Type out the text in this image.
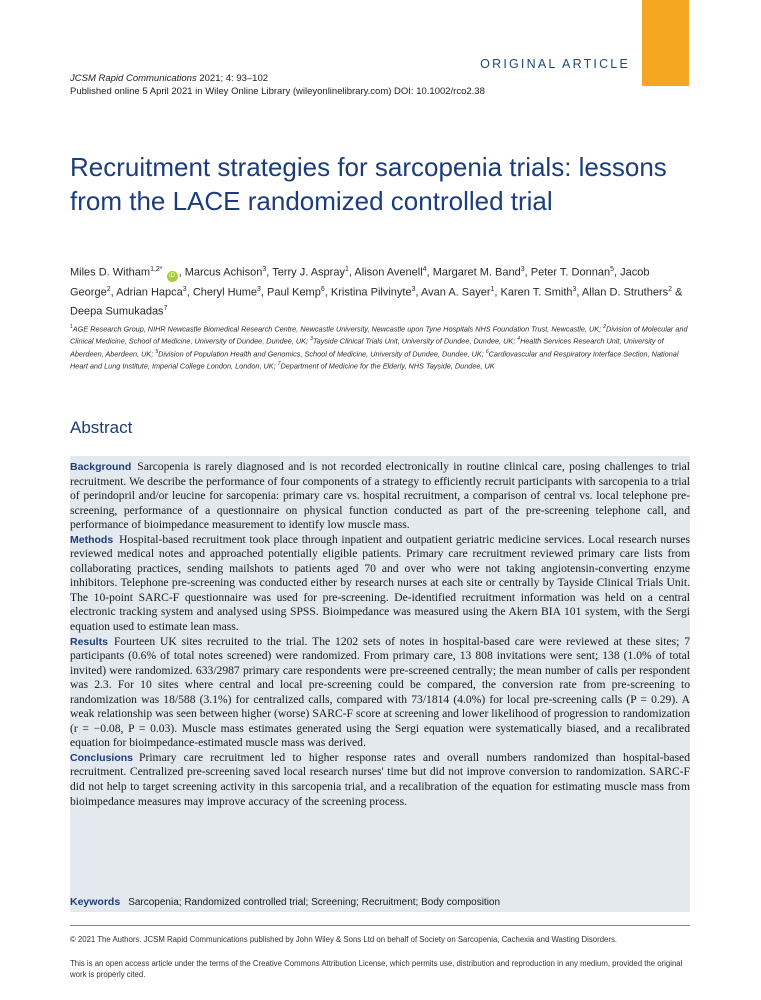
ORIGINAL ARTICLE
JCSM Rapid Communications 2021; 4: 93–102
Published online 5 April 2021 in Wiley Online Library (wileyonlinelibrary.com) DOI: 10.1002/rco2.38
Recruitment strategies for sarcopenia trials: lessons from the LACE randomized controlled trial
Miles D. Witham$^{1,2*}$ iD , Marcus Achison$^3$, Terry J. Aspray$^1$, Alison Avenell$^4$, Margaret M. Band$^3$, Peter T. Donnan$^5$, Jacob George$^2$, Adrian Hapca$^3$, Cheryl Hume$^3$, Paul Kemp$^6$, Kristina Pilvinyte$^3$, Avan A. Sayer$^1$, Karen T. Smith$^3$, Allan D. Struthers$^2$ & Deepa Sumukadas$^7$
$^1$AGE Research Group, NIHR Newcastle Biomedical Research Centre, Newcastle University, Newcastle upon Tyne Hospitals NHS Foundation Trust, Newcastle, UK; $^2$Division of Molecular and Clinical Medicine, School of Medicine, University of Dundee, Dundee, UK; $^3$Tayside Clinical Trials Unit, University of Dundee, Dundee, UK; $^4$Health Services Research Unit, University of Aberdeen, Aberdeen, UK; $^5$Division of Population Health and Genomics, School of Medicine, University of Dundee, Dundee, UK; $^6$Cardiovascular and Respiratory Interface Section, National Heart and Lung Institute, Imperial College London, London, UK; $^7$Department of Medicine for the Elderly, NHS Tayside, Dundee, UK
Abstract

Background Sarcopenia is rarely diagnosed and is not recorded electronically in routine clinical care, posing challenges to trial recruitment. We describe the performance of four components of a strategy to efficiently recruit participants with sarcopenia to a trial of perindopril and/or leucine for sarcopenia: primary care vs. hospital recruitment, a comparison of central vs. local telephone pre-screening, performance of a questionnaire on physical function conducted as part of the pre-screening telephone call, and performance of bioimpedance measurement to identify low muscle mass.

Methods Hospital-based recruitment took place through inpatient and outpatient geriatric medicine services. Local research nurses reviewed medical notes and approached potentially eligible patients. Primary care recruitment reviewed primary care lists from collaborating practices, sending mailshots to patients aged 70 and over who were not taking angiotensin-converting enzyme inhibitors. Telephone pre-screening was conducted either by research nurses at each site or centrally by Tayside Clinical Trials Unit. The 10-point SARC-F questionnaire was used for pre-screening. De-identified recruitment information was held on a central electronic tracking system and analysed using SPSS. Bioimpedance was measured using the Akern BIA 101 system, with the Sergi equation used to estimate lean mass.

Results Fourteen UK sites recruited to the trial. The 1202 sets of notes in hospital-based care were reviewed at these sites; 7 participants (0.6% of total notes screened) were randomized. From primary care, 13 808 invitations were sent; 138 (1.0% of total invited) were randomized. 633/2987 primary care respondents were pre-screened centrally; the mean number of calls per respondent was 2.3. For 10 sites where central and local pre-screening could be compared, the conversion rate from pre-screening to randomization was 18/588 (3.1%) for centralized calls, compared with 73/1814 (4.0%) for local pre-screening calls (P = 0.29). A weak relationship was seen between higher (worse) SARC-F score at screening and lower likelihood of progression to randomization (r = −0.08, P = 0.03). Muscle mass estimates generated using the Sergi equation were systematically biased, and a recalibrated equation for bioimpedance-estimated muscle mass was derived.

Conclusions Primary care recruitment led to higher response rates and overall numbers randomized than hospital-based recruitment. Centralized pre-screening saved local research nurses' time but did not improve conversion to randomization. SARC-F did not help to target screening activity in this sarcopenia trial, and a recalibration of the equation for estimating muscle mass from bioimpedance measures may improve accuracy of the screening process.

Keywords Sarcopenia; Randomized controlled trial; Screening; Recruitment; Body composition
© 2021 The Authors. JCSM Rapid Communications published by John Wiley & Sons Ltd on behalf of Society on Sarcopenia, Cachexia and Wasting Disorders.
This is an open access article under the terms of the Creative Commons Attribution License, which permits use, distribution and reproduction in any medium, provided the original work is properly cited.
